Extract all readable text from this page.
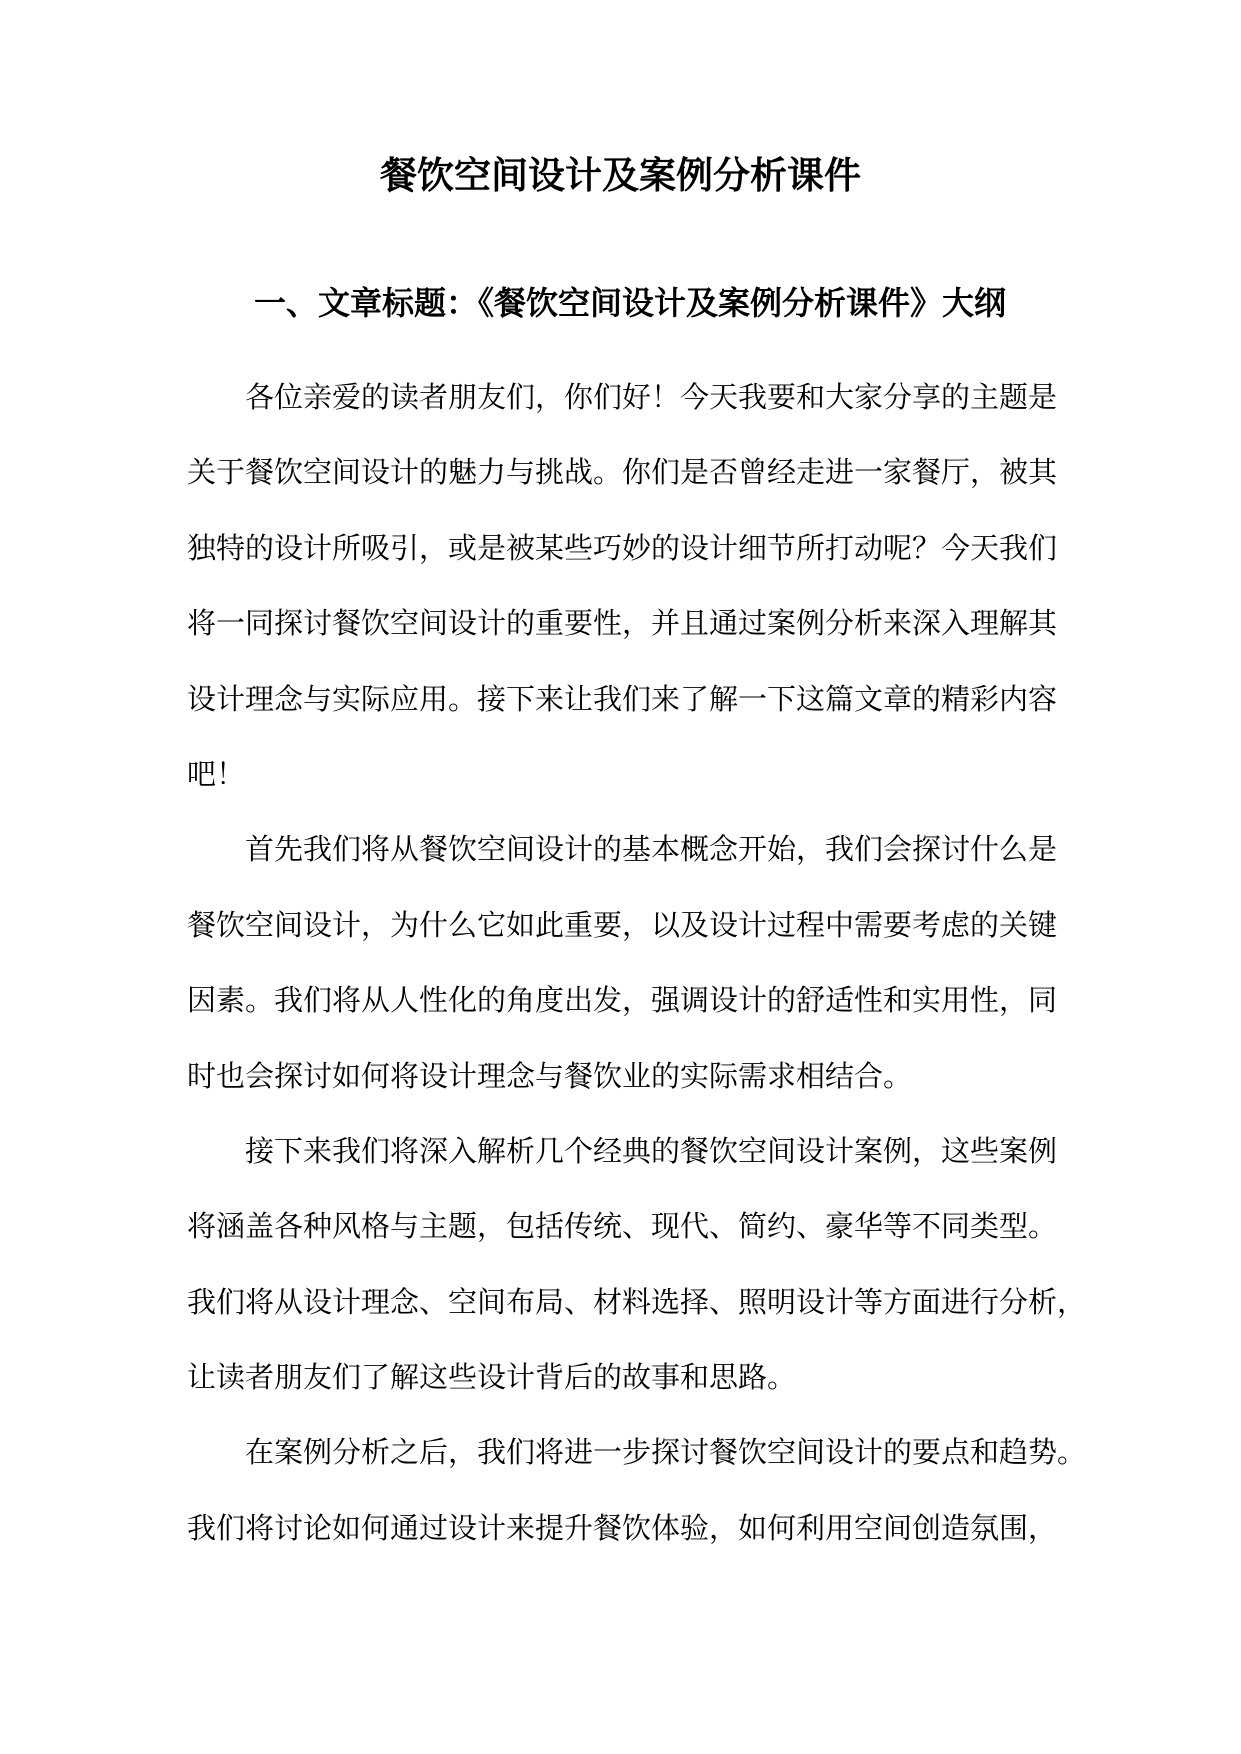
餐饮空间设计及案例分析课件
一、文章标题：《餐饮空间设计及案例分析课件》大纲

各位亲爱的读者朋友们，你们好！今天我要和大家分享的主题是
关于餐饮空间设计的魅力与挑战。你们是否曾经走进一家餐厅，被其
独特的设计所吸引，或是被某些巧妙的设计细节所打动呢？今天我们
将一同探讨餐饮空间设计的重要性，并且通过案例分析来深入理解其
设计理念与实际应用。接下来让我们来了解一下这篇文章的精彩内容
吧！

首先我们将从餐饮空间设计的基本概念开始，我们会探讨什么是
餐饮空间设计，为什么它如此重要，以及设计过程中需要考虑的关键
因素。我们将从人性化的角度出发，强调设计的舒适性和实用性，同
时也会探讨如何将设计理念与餐饮业的实际需求相结合。

接下来我们将深入解析几个经典的餐饮空间设计案例，这些案例
将涵盖各种风格与主题，包括传统、现代、简约、豪华等不同类型。
我们将从设计理念、空间布局、材料选择、照明设计等方面进行分析，
让读者朋友们了解这些设计背后的故事和思路。

在案例分析之后，我们将进一步探讨餐饮空间设计的要点和趋势。
我们将讨论如何通过设计来提升餐饮体验，如何利用空间创造氛围，
